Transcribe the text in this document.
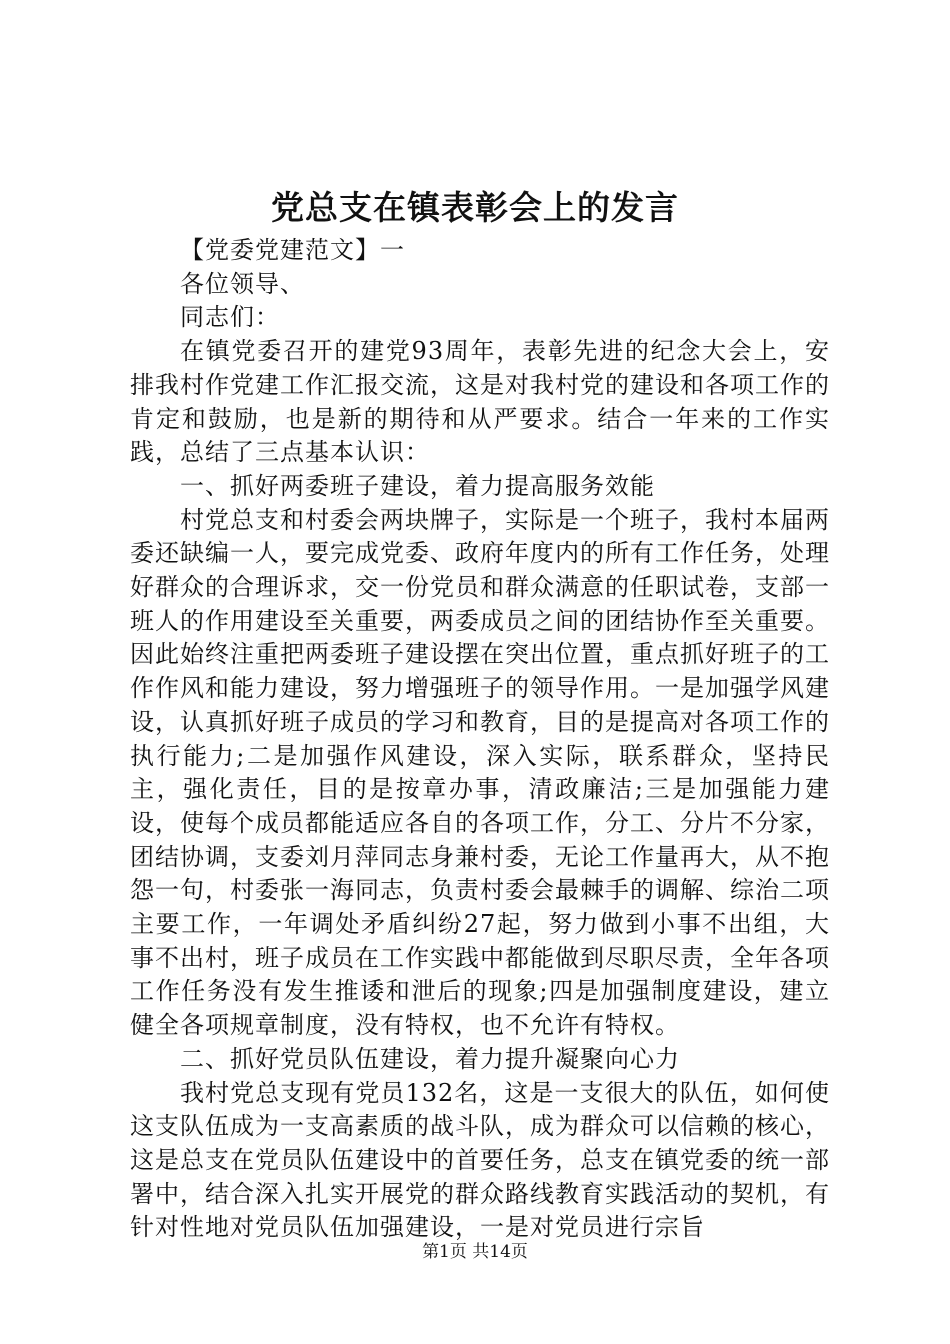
党总支在镇表彰会上的发言

【党委党建范文】一

各位领导、

同志们：

在镇党委召开的建党93周年，表彰先进的纪念大会上，安排我村作党建工作汇报交流，这是对我村党的建设和各项工作的肯定和鼓励，也是新的期待和从严要求。结合一年来的工作实践，总结了三点基本认识：

一、抓好两委班子建设，着力提高服务效能

村党总支和村委会两块牌子，实际是一个班子，我村本届两委还缺编一人，要完成党委、政府年度内的所有工作任务，处理好群众的合理诉求，交一份党员和群众满意的任职试卷，支部一班人的作用建设至关重要，两委成员之间的团结协作至关重要。因此始终注重把两委班子建设摆在突出位置，重点抓好班子的工作作风和能力建设，努力增强班子的领导作用。一是加强学风建设，认真抓好班子成员的学习和教育，目的是提高对各项工作的执行能力;二是加强作风建设，深入实际，联系群众，坚持民主，强化责任，目的是按章办事，清政廉洁;三是加强能力建设，使每个成员都能适应各自的各项工作，分工、分片不分家，团结协调，支委刘月萍同志身兼村委，无论工作量再大，从不抱怨一句，村委张一海同志，负责村委会最棘手的调解、综治二项主要工作，一年调处矛盾纠纷27起，努力做到小事不出组，大事不出村，班子成员在工作实践中都能做到尽职尽责，全年各项工作任务没有发生推诿和泄后的现象;四是加强制度建设，建立健全各项规章制度，没有特权，也不允许有特权。

二、抓好党员队伍建设，着力提升凝聚向心力

我村党总支现有党员132名，这是一支很大的队伍，如何使这支队伍成为一支高素质的战斗队，成为群众可以信赖的核心，这是总支在党员队伍建设中的首要任务，总支在镇党委的统一部署中，结合深入扎实开展党的群众路线教育实践活动的契机，有针对性地对党员队伍加强建设，一是对党员进行宗旨

第1页 共14页
